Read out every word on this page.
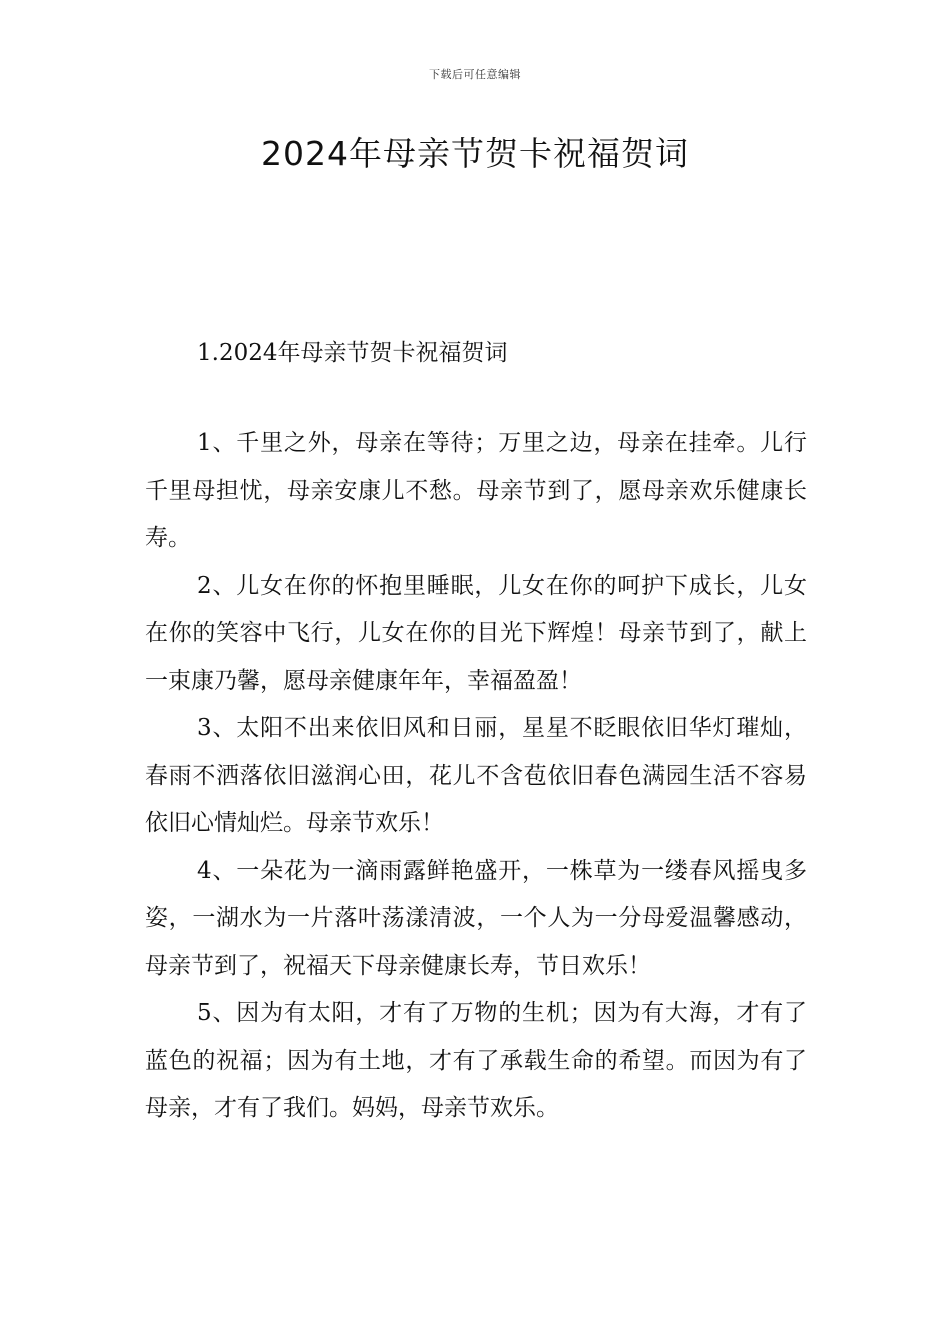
下载后可任意编辑
2024年母亲节贺卡祝福贺词
1.2024年母亲节贺卡祝福贺词

1、千里之外，母亲在等待；万里之边，母亲在挂牵。儿行千里母担忧，母亲安康儿不愁。母亲节到了，愿母亲欢乐健康长寿。

2、儿女在你的怀抱里睡眠，儿女在你的呵护下成长，儿女在你的笑容中飞行，儿女在你的目光下辉煌！母亲节到了，献上一束康乃馨，愿母亲健康年年，幸福盈盈！

3、太阳不出来依旧风和日丽，星星不眨眼依旧华灯璀灿，春雨不洒落依旧滋润心田，花儿不含苞依旧春色满园生活不容易依旧心情灿烂。母亲节欢乐！

4、一朵花为一滴雨露鲜艳盛开，一株草为一缕春风摇曳多姿，一湖水为一片落叶荡漾清波，一个人为一分母爱温馨感动，母亲节到了，祝福天下母亲健康长寿，节日欢乐！

5、因为有太阳，才有了万物的生机；因为有大海，才有了蓝色的祝福；因为有土地，才有了承载生命的希望。而因为有了母亲，才有了我们。妈妈，母亲节欢乐。
